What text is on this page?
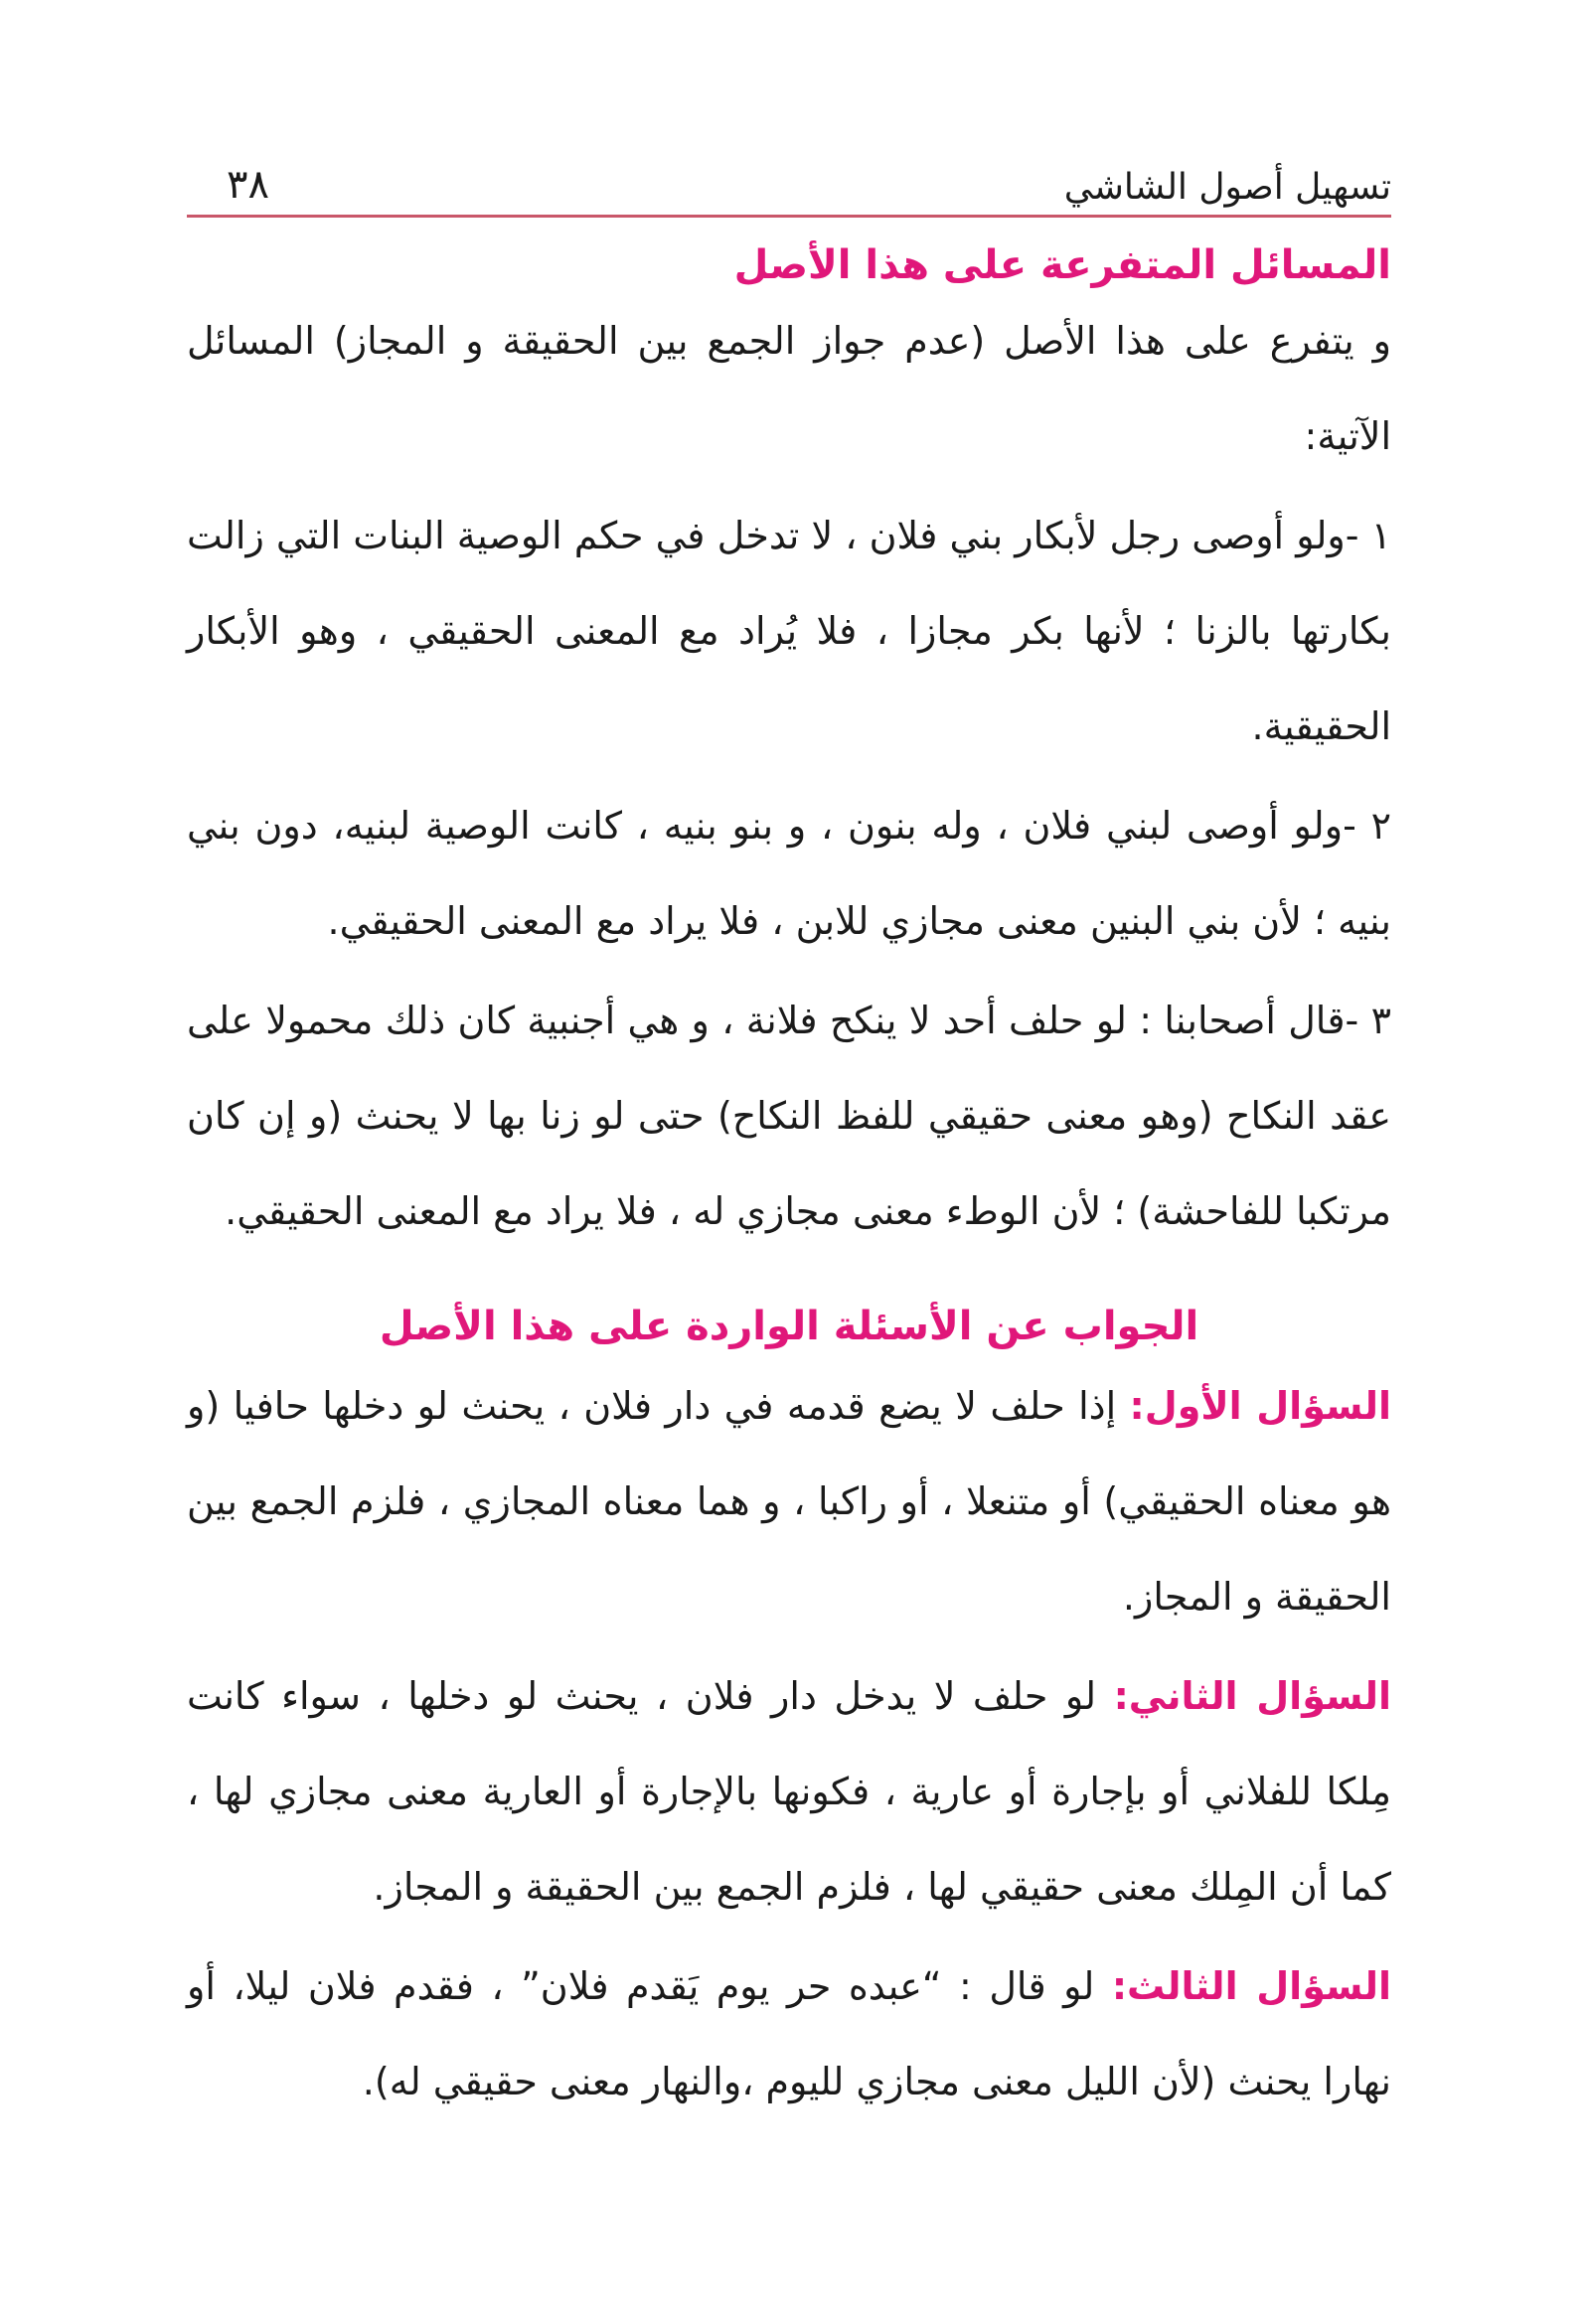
تسهيل أصول الشاشي
٣٨
المسائل المتفرعة على هذا الأصل

و يتفرع على هذا الأصل (عدم جواز الجمع بين الحقيقة و المجاز) المسائل الآتية:

١ -ولو أوصى رجل لأبكار بني فلان ، لا تدخل في حكم الوصية البنات التي زالت بكارتها بالزنا ؛ لأنها بكر مجازا ، فلا يُراد مع المعنى الحقيقي ، وهو الأبكار الحقيقية.

٢ -ولو أوصى لبني فلان ، وله بنون ، و بنو بنيه ، كانت الوصية لبنيه، دون بني بنيه ؛ لأن بني البنين معنى مجازي للابن ، فلا يراد مع المعنى الحقيقي.

٣ -قال أصحابنا : لو حلف أحد لا ينكح فلانة ، و هي أجنبية كان ذلك محمولا على عقد النكاح (وهو معنى حقيقي للفظ النكاح) حتى لو زنا بها لا يحنث (و إن كان مرتكبا للفاحشة) ؛ لأن الوطء معنى مجازي له ، فلا يراد مع المعنى الحقيقي.

الجواب عن الأسئلة الواردة على هذا الأصل

السؤال الأول: إذا حلف لا يضع قدمه في دار فلان ، يحنث لو دخلها حافيا (و هو معناه الحقيقي) أو متنعلا ، أو راكبا ، و هما معناه المجازي ، فلزم الجمع بين الحقيقة و المجاز.

السؤال الثاني: لو حلف لا يدخل دار فلان ، يحنث لو دخلها ، سواء كانت مِلكا للفلاني أو بإجارة أو عارية ، فكونها بالإجارة أو العارية معنى مجازي لها ، كما أن المِلك معنى حقيقي لها ، فلزم الجمع بين الحقيقة و المجاز.

السؤال الثالث: لو قال : “عبده حر يوم يَقدم فلان” ، فقدم فلان ليلا، أو نهارا يحنث (لأن الليل معنى مجازي لليوم ،والنهار معنى حقيقي له).
